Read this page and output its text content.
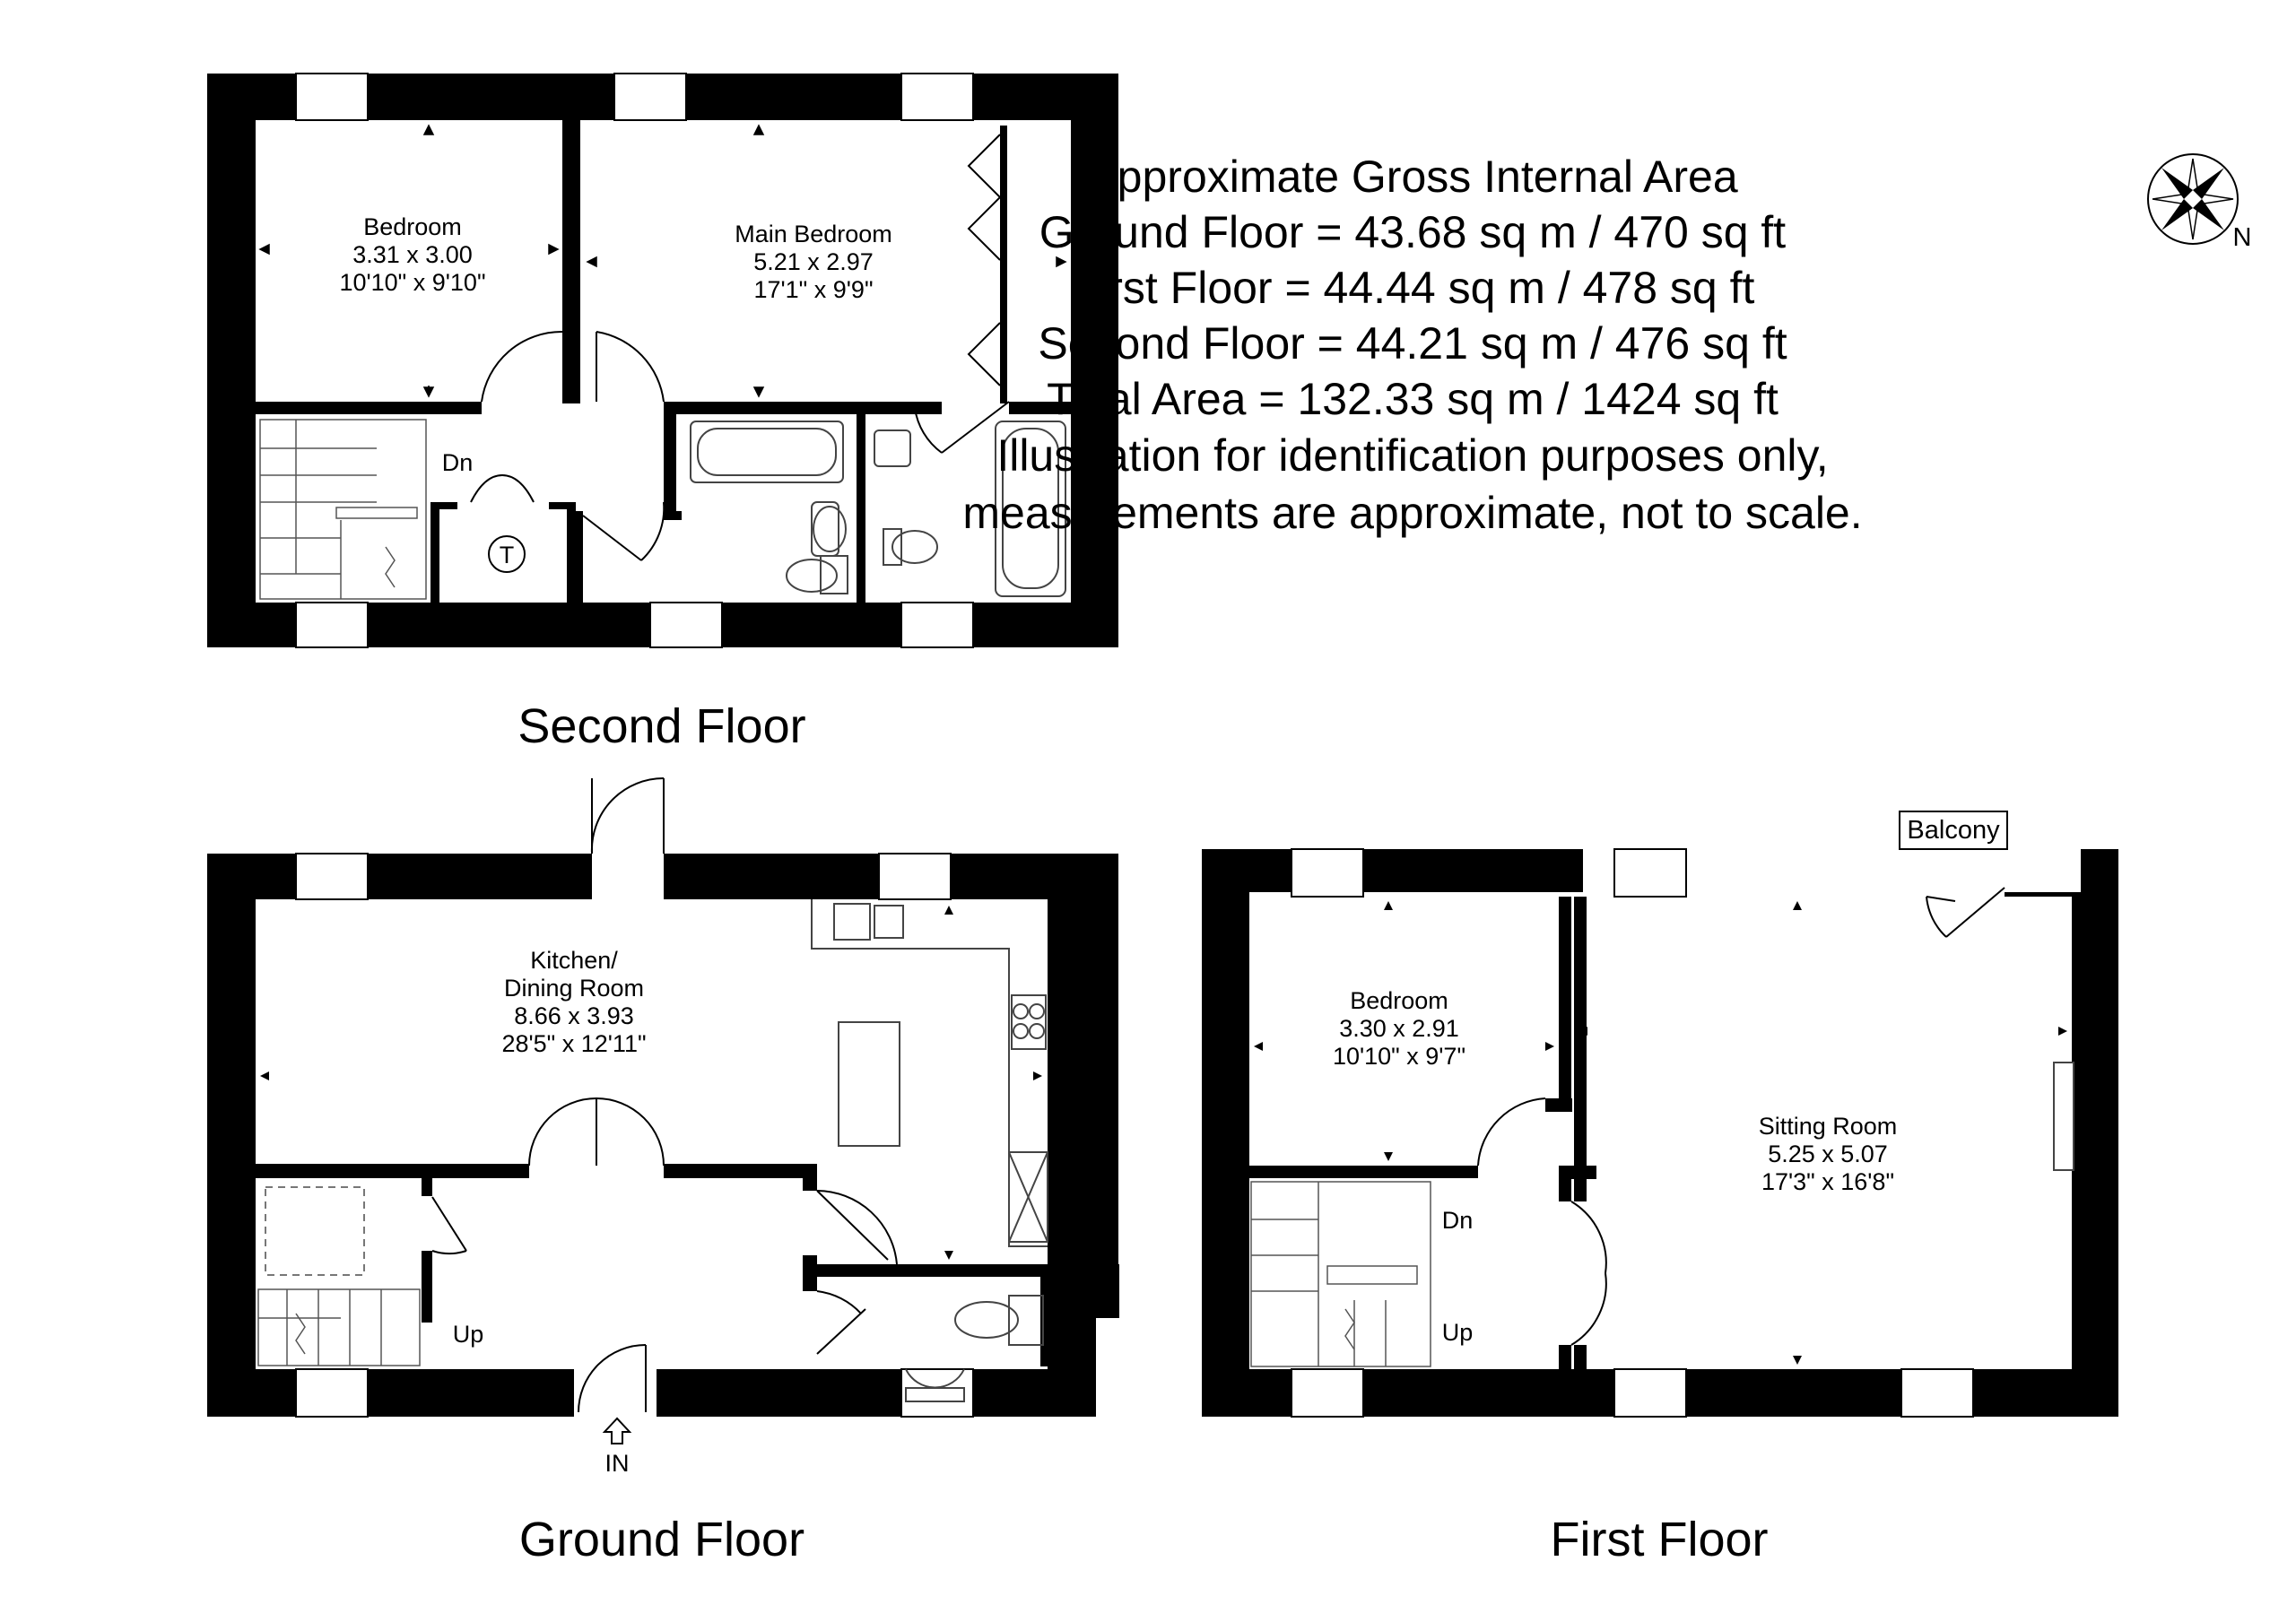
Bedroom
3.31 x 3.00
10'10" x 9'10"
Main Bedroom
5.21 x 2.97
17'1" x 9'9"
Dn
T
Second Floor
Kitchen/
Dining Room
8.66 x 3.93
28'5" x 12'11"
Up
IN
Ground Floor
Bedroom
3.30 x 2.91
10'10" x 9'7"
Sitting Room
5.25 x 5.07
17'3" x 16'8"
Balcony
Dn
Up
First Floor
N
Approximate Gross Internal Area
Ground Floor = 43.68 sq m / 470 sq ft
First Floor = 44.44 sq m / 478 sq ft
Second Floor = 44.21 sq m / 476 sq ft
Total Area = 132.33 sq m / 1424 sq ft
Illustration for identification purposes only,
measurements are approximate, not to scale.
